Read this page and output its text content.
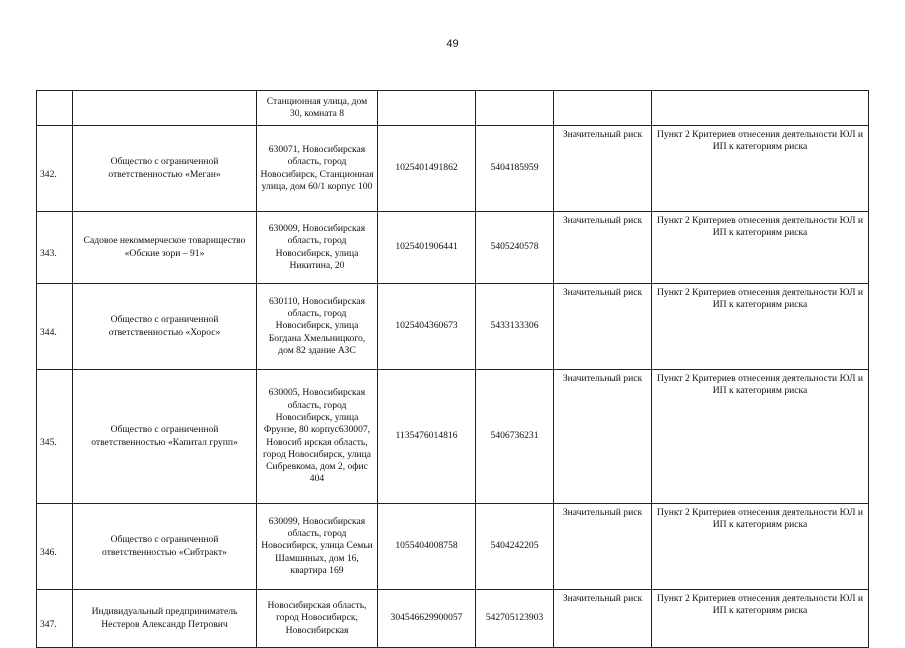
49
		Станционная улица, дом 30, комната 8				
342.	Общество с ограниченной ответственностью «Меган»	630071, Новосибирская область, город Новосибирск, Станционная улица, дом 60/1 корпус 100	1025401491862	5404185959	Значительный риск	Пункт 2 Критериев отнесения деятельности ЮЛ и ИП к категориям риска
343.	Садовое некоммерческое товарищество «Обские зори – 91»	630009, Новосибирская область, город Новосибирск, улица Никитина, 20	1025401906441	5405240578	Значительный риск	Пункт 2 Критериев отнесения деятельности ЮЛ и ИП к категориям риска
344.	Общество с ограниченной ответственностью «Хорос»	630110, Новосибирская область, город Новосибирск, улица Богдана Хмельницкого, дом 82 здание АЗС	1025404360673	5433133306	Значительный риск	Пункт 2 Критериев отнесения деятельности ЮЛ и ИП к категориям риска
345.	Общество с ограниченной ответственностью «Капитал групп»	630005, Новосибирская область, город Новосибирск, улица Фрунзе, 80 корпус630007, Новосиб ирская область, город Новосибирск, улица Сибревкома, дом 2, офис 404	1135476014816	5406736231	Значительный риск	Пункт 2 Критериев отнесения деятельности ЮЛ и ИП к категориям риска
346.	Общество с ограниченной ответственностью «Сибтракт»	630099, Новосибирская область, город Новосибирск, улица Семьи Шамшиных, дом 16, квартира 169	1055404008758	5404242205	Значительный риск	Пункт 2 Критериев отнесения деятельности ЮЛ и ИП к категориям риска
347.	Индивидуальный предприниматель Нестеров Александр Петрович	Новосибирская область, город Новосибирск, Новосибирская	304546629900057	542705123903	Значительный риск	Пункт 2 Критериев отнесения деятельности ЮЛ и ИП к категориям риска
